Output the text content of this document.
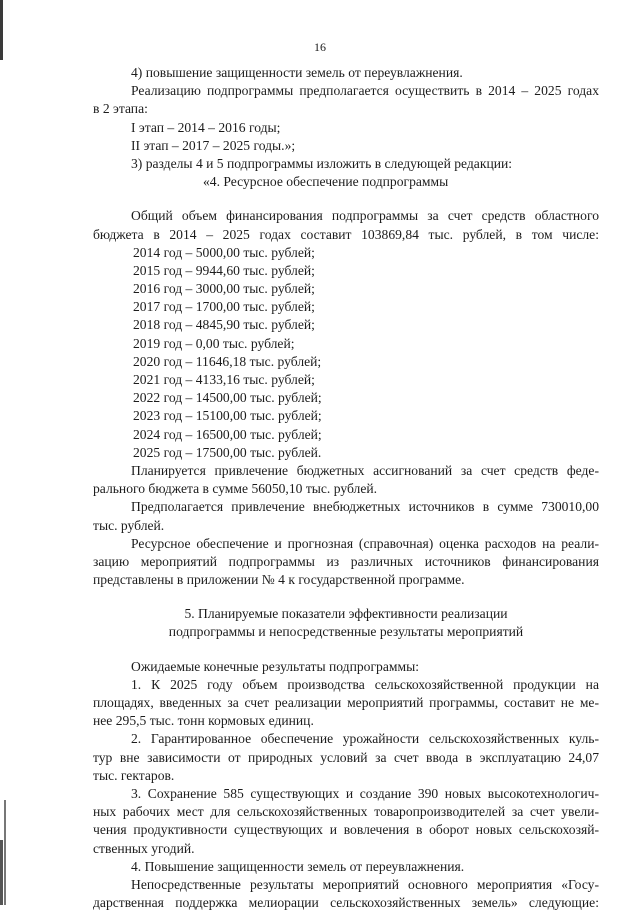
16
4) повышение защищенности земель от переувлажнения.
Реализацию подпрограммы предполагается осуществить в 2014 – 2025 годах
в 2 этапа:
I этап – 2014 – 2016 годы;
II этап – 2017 – 2025 годы.»;
3) разделы 4 и 5 подпрограммы изложить в следующей редакции:
«4. Ресурсное обеспечение подпрограммы
Общий объем финансирования подпрограммы за счет средств областного
бюджета в 2014 – 2025 годах составит 103869,84 тыс. рублей, в том числе:
2014 год – 5000,00 тыс. рублей;
2015 год – 9944,60 тыс. рублей;
2016 год – 3000,00 тыс. рублей;
2017 год – 1700,00 тыс. рублей;
2018 год – 4845,90 тыс. рублей;
2019 год – 0,00 тыс. рублей;
2020 год – 11646,18 тыс. рублей;
2021 год – 4133,16 тыс. рублей;
2022 год – 14500,00 тыс. рублей;
2023 год – 15100,00 тыс. рублей;
2024 год – 16500,00 тыс. рублей;
2025 год – 17500,00 тыс. рублей.
Планируется привлечение бюджетных ассигнований за счет средств феде-
рального бюджета в сумме 56050,10 тыс. рублей.
Предполагается привлечение внебюджетных источников в сумме 730010,00
тыс. рублей.
Ресурсное обеспечение и прогнозная (справочная) оценка расходов на реали-
зацию мероприятий подпрограммы из различных источников финансирования
представлены в приложении № 4 к государственной программе.
5. Планируемые показатели эффективности реализации
подпрограммы и непосредственные результаты мероприятий
Ожидаемые конечные результаты подпрограммы:
1. К 2025 году объем производства сельскохозяйственной продукции на
площадях, введенных за счет реализации мероприятий программы, составит не ме-
нее 295,5 тыс. тонн кормовых единиц.
2. Гарантированное обеспечение урожайности сельскохозяйственных куль-
тур вне зависимости от природных условий за счет ввода в эксплуатацию 24,07
тыс. гектаров.
3. Сохранение 585 существующих и создание 390 новых высокотехнологич-
ных рабочих мест для сельскохозяйственных товаропроизводителей за счет увели-
чения продуктивности существующих и вовлечения в оборот новых сельскохозяй-
ственных угодий.
4. Повышение защищенности земель от переувлажнения.
Непосредственные результаты мероприятий основного мероприятия «Госу-
дарственная поддержка мелиорации сельскохозяйственных земель» следующие:
